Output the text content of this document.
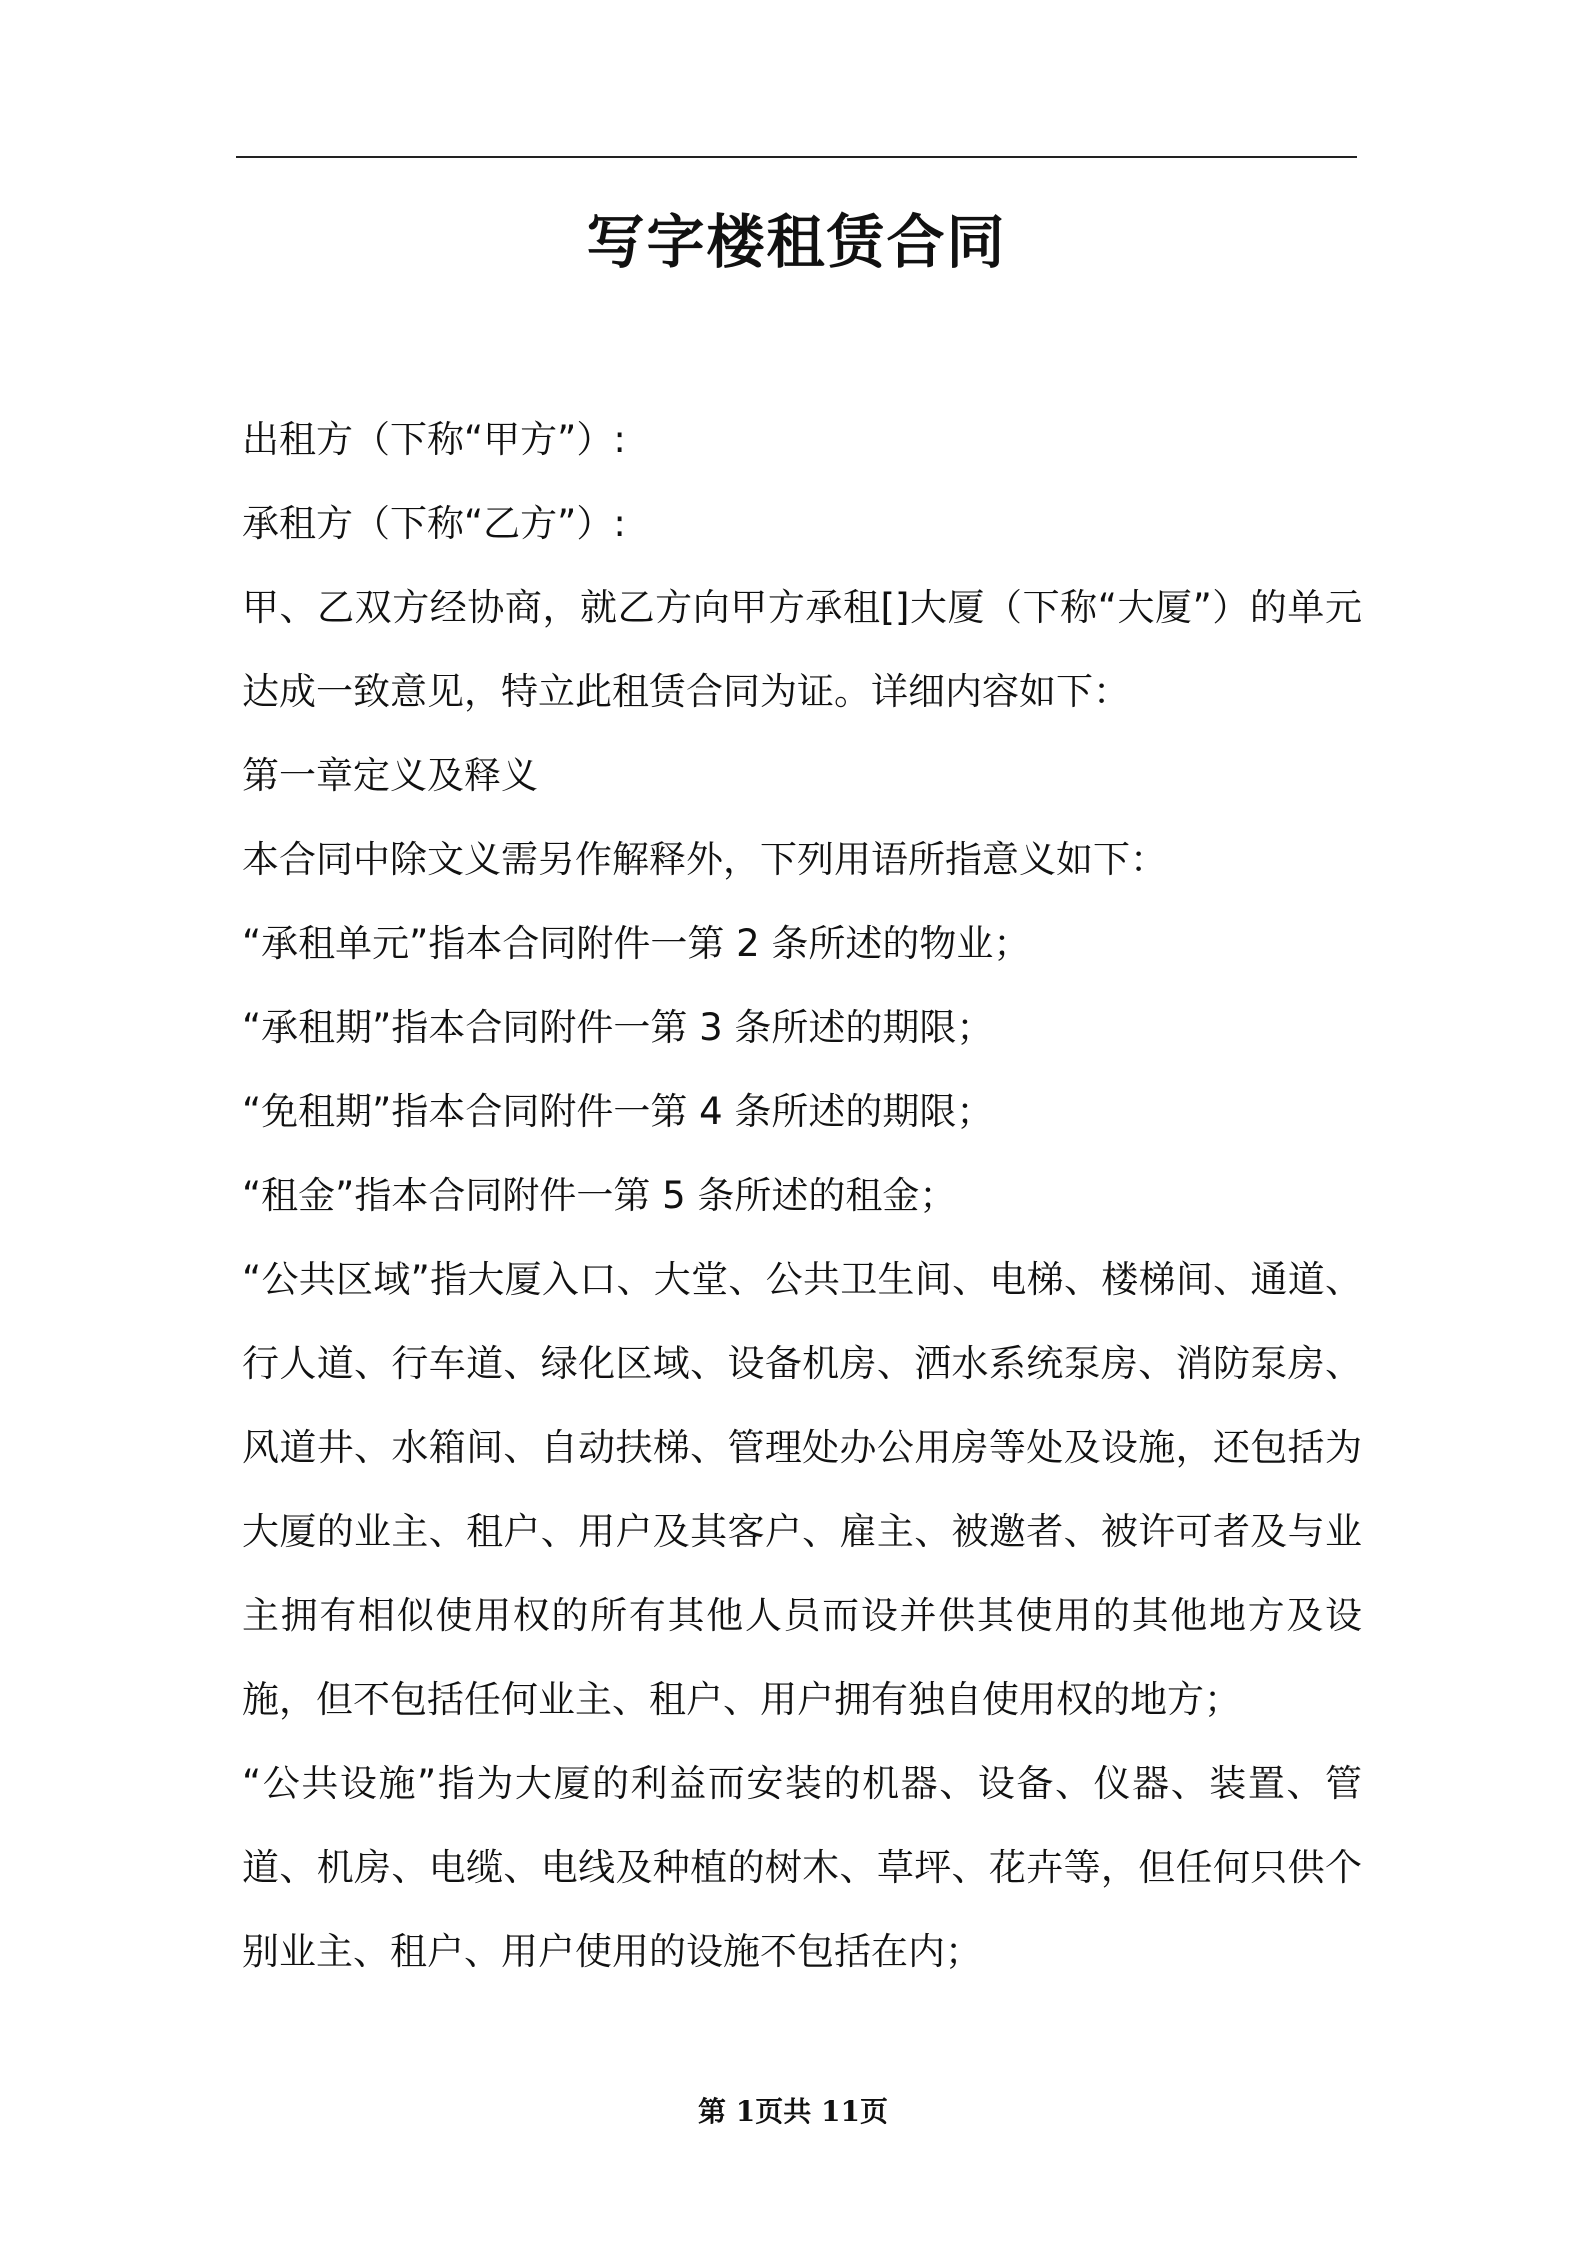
写字楼租赁合同

出租方（下称“甲方”）:

承租方（下称“乙方”）:

甲、乙双方经协商，就乙方向甲方承租[]大厦（下称“大厦”）的单元达成一致意见，特立此租赁合同为证。详细内容如下：

第一章定义及释义

本合同中除文义需另作解释外，下列用语所指意义如下：

“承租单元”指本合同附件一第 2 条所述的物业；

“承租期”指本合同附件一第 3 条所述的期限；

“免租期”指本合同附件一第 4 条所述的期限；

“租金”指本合同附件一第 5 条所述的租金；

“公共区域”指大厦入口、大堂、公共卫生间、电梯、楼梯间、通道、行人道、行车道、绿化区域、设备机房、洒水系统泵房、消防泵房、风道井、水箱间、自动扶梯、管理处办公用房等处及设施，还包括为大厦的业主、租户、用户及其客户、雇主、被邀者、被许可者及与业主拥有相似使用权的所有其他人员而设并供其使用的其他地方及设施，但不包括任何业主、租户、用户拥有独自使用权的地方；

“公共设施”指为大厦的利益而安装的机器、设备、仪器、装置、管道、机房、电缆、电线及种植的树木、草坪、花卉等，但任何只供个别业主、租户、用户使用的设施不包括在内；

第 1页共 11页
